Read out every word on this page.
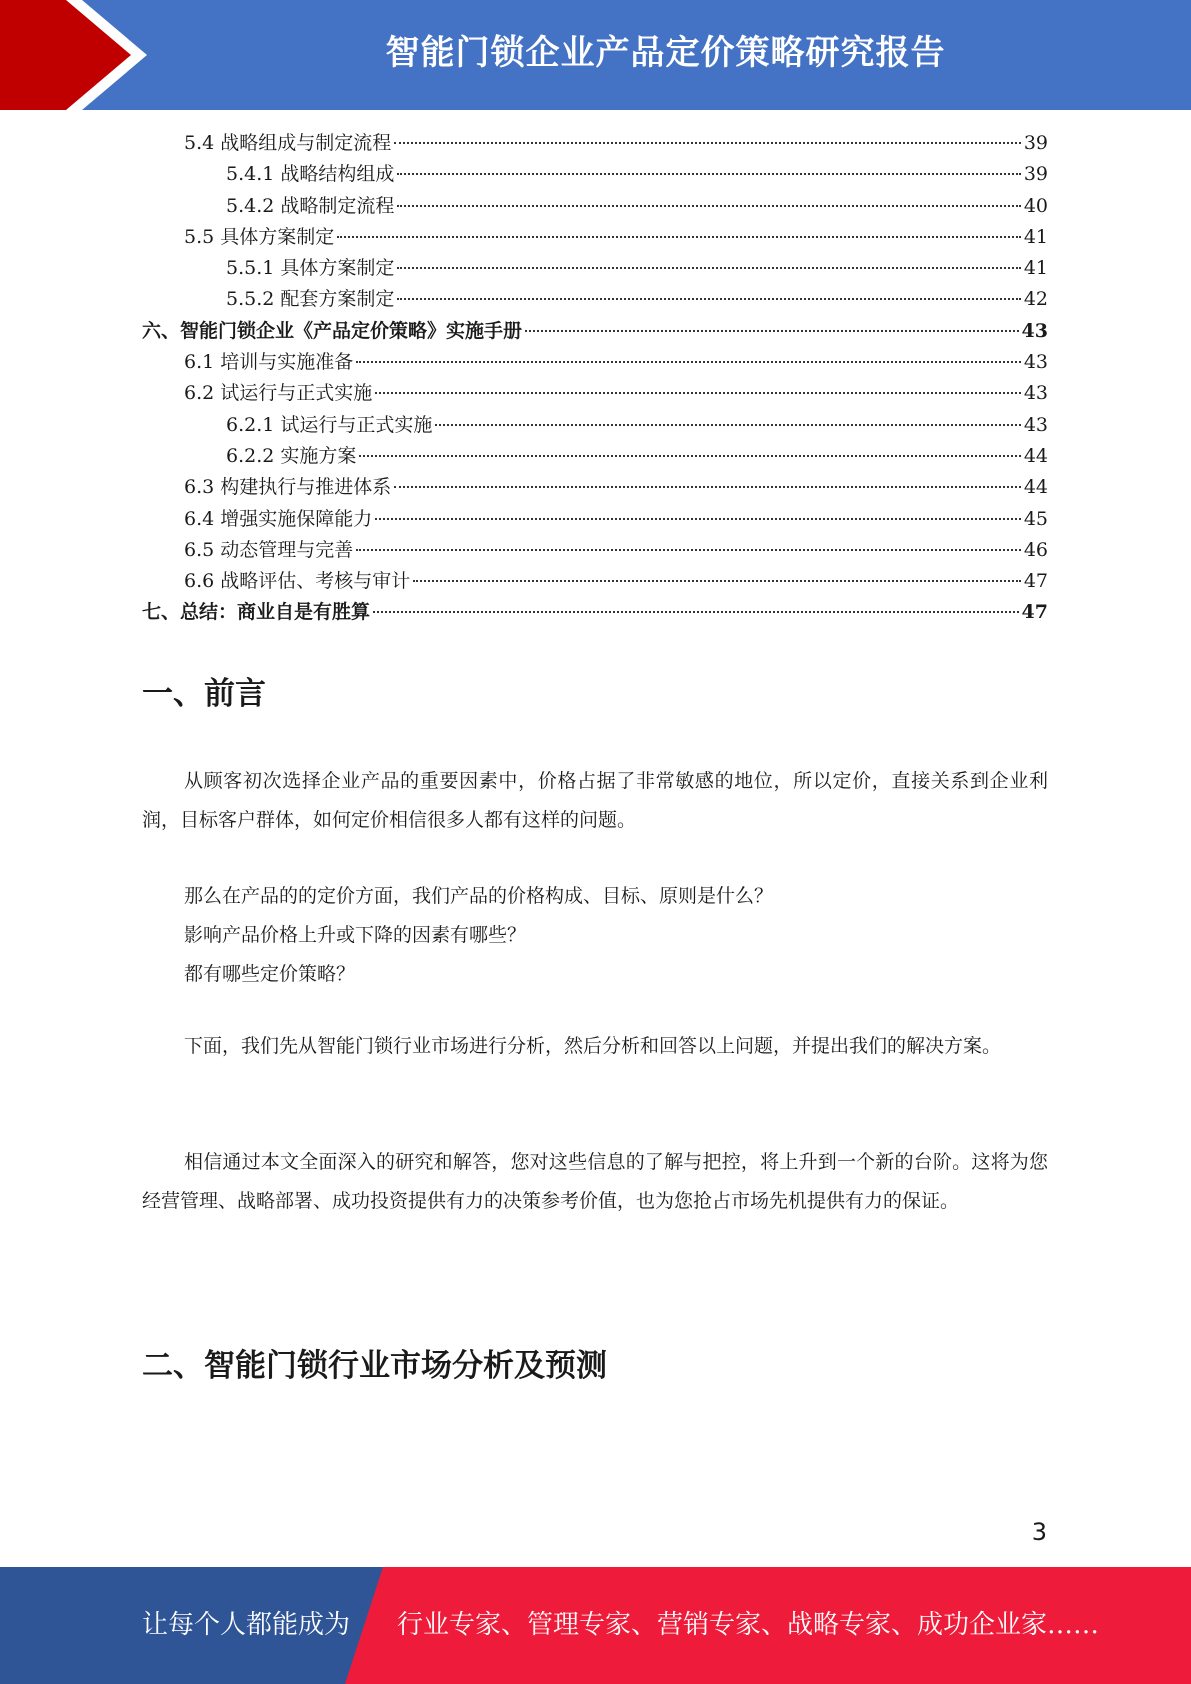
智能门锁企业产品定价策略研究报告
5.4 战略组成与制定流程	39
5.4.1 战略结构组成	39
5.4.2 战略制定流程	40
5.5 具体方案制定	41
5.5.1 具体方案制定	41
5.5.2 配套方案制定	42
六、智能门锁企业《产品定价策略》实施手册	43
6.1 培训与实施准备	43
6.2 试运行与正式实施	43
6.2.1 试运行与正式实施	43
6.2.2 实施方案	44
6.3 构建执行与推进体系	44
6.4 增强实施保障能力	45
6.5 动态管理与完善	46
6.6 战略评估、考核与审计	47
七、总结：商业自是有胜算	47
一、前言

从顾客初次选择企业产品的重要因素中，价格占据了非常敏感的地位，所以定价，直接关系到企业利润，目标客户群体，如何定价相信很多人都有这样的问题。

那么在产品的的定价方面，我们产品的价格构成、目标、原则是什么？

影响产品价格上升或下降的因素有哪些？

都有哪些定价策略？

下面，我们先从智能门锁行业市场进行分析，然后分析和回答以上问题，并提出我们的解决方案。

相信通过本文全面深入的研究和解答，您对这些信息的了解与把控，将上升到一个新的台阶。这将为您经营管理、战略部署、成功投资提供有力的决策参考价值，也为您抢占市场先机提供有力的保证。

二、智能门锁行业市场分析及预测
3
让每个人都能成为 行业专家、管理专家、营销专家、战略专家、成功企业家……
